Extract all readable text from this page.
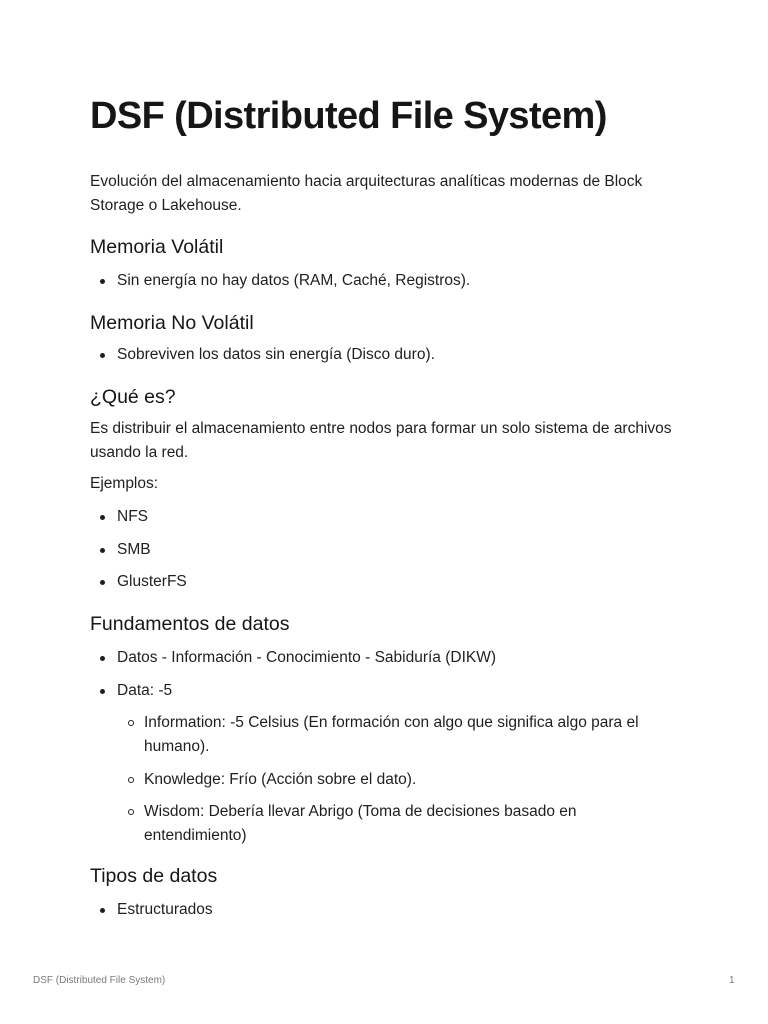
DSF (Distributed File System)

Evolución del almacenamiento hacia arquitecturas analíticas modernas de Block Storage o Lakehouse.

Memoria Volátil
Sin energía no hay datos (RAM, Caché, Registros).
Memoria No Volátil
Sobreviven los datos sin energía (Disco duro).
¿Qué es?

Es distribuir el almacenamiento entre nodos para formar un solo sistema de archivos usando la red.

Ejemplos:

NFS
SMB
GlusterFS
Fundamentos de datos
Datos - Información - Conocimiento - Sabiduría (DIKW)
Data: -5
Information: -5 Celsius (En formación con algo que significa algo para el humano).
Knowledge: Frío (Acción sobre el dato).
Wisdom: Debería llevar Abrigo (Toma de decisiones basado en entendimiento)
Tipos de datos
Estructurados
DSF (Distributed File System)	1
